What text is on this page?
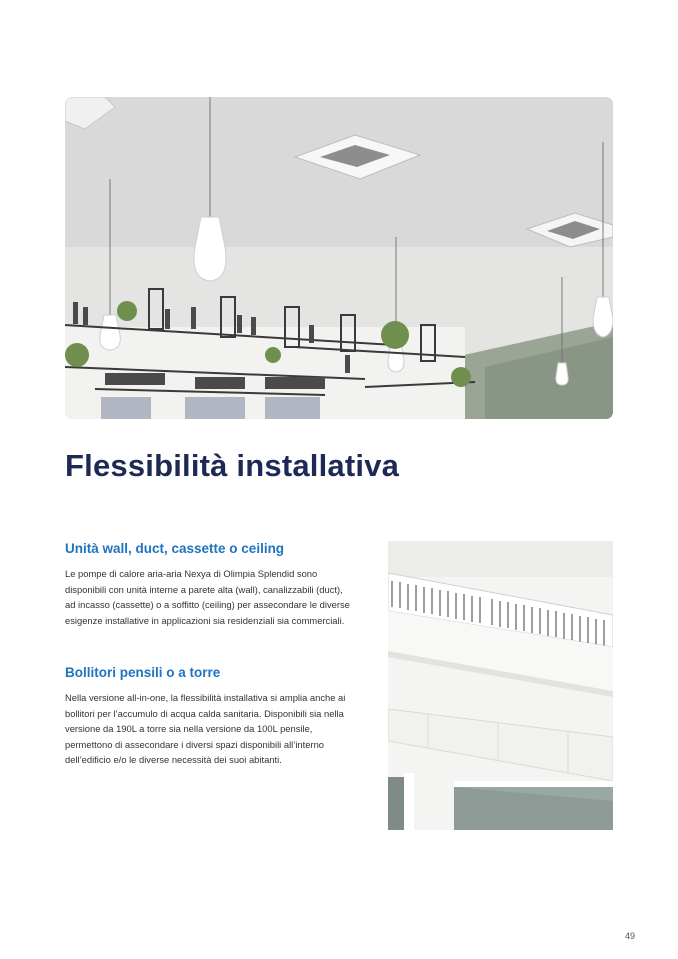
Flessibilità installativa
Unità wall, duct, cassette o ceiling

Le pompe di calore aria-aria Nexya di Olimpia Splendid sono disponibili con unità interne a parete alta (wall), canalizzabili (duct), ad incasso (cassette) o a soffitto (ceiling) per assecondare le diverse esigenze installative in applicazioni sia residenziali sia commerciali.

Bollitori pensili o a torre

Nella versione all-in-one, la flessibilità installativa si amplia anche ai bollitori per l’accumulo di acqua calda sanitaria. Disponibili sia nella versione da 190L a torre sia nella versione da 100L pensile, permettono di assecondare i diversi spazi disponibili all’interno dell’edificio e/o le diverse necessità dei suoi abitanti.

49
